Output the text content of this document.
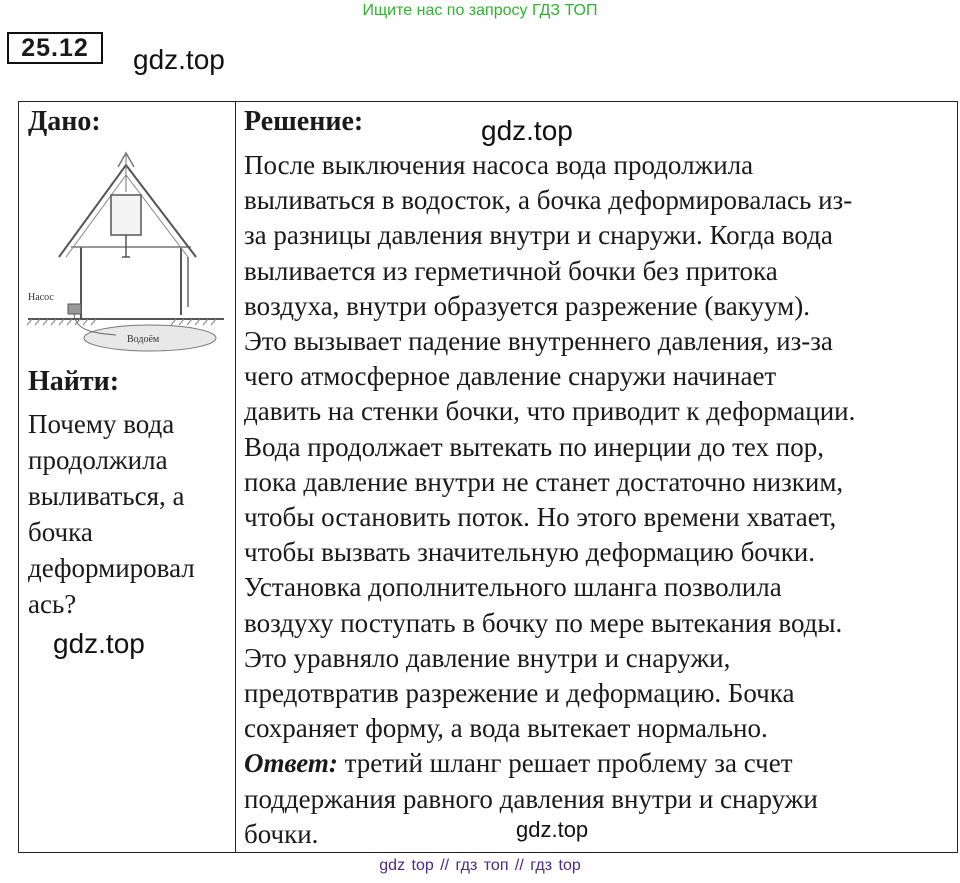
Ищите нас по запросу ГДЗ ТОП
25.12	gdz.top
Дано:
Насос
Водоём
Найти:
Почему вода
продолжила
выливаться, а
бочка
деформировал
ась?
gdz.top
Решение:	gdz.top
После выключения насоса вода продолжила
выливаться в водосток, а бочка деформировалась из-
за разницы давления внутри и снаружи. Когда вода
выливается из герметичной бочки без притока
воздуха, внутри образуется разрежение (вакуум).
Это вызывает падение внутреннего давления, из-за
чего атмосферное давление снаружи начинает
давить на стенки бочки, что приводит к деформации.
Вода продолжает вытекать по инерции до тех пор,
пока давление внутри не станет достаточно низким,
чтобы остановить поток. Но этого времени хватает,
чтобы вызвать значительную деформацию бочки.
Установка дополнительного шланга позволила
воздуху поступать в бочку по мере вытекания воды.
Это уравняло давление внутри и снаружи,
предотвратив разрежение и деформацию. Бочка
сохраняет форму, а вода вытекает нормально.
Ответ: третий шланг решает проблему за счет
поддержания равного давления внутри и снаружи
бочки.	gdz.top
gdz top // гдз топ // гдз top
